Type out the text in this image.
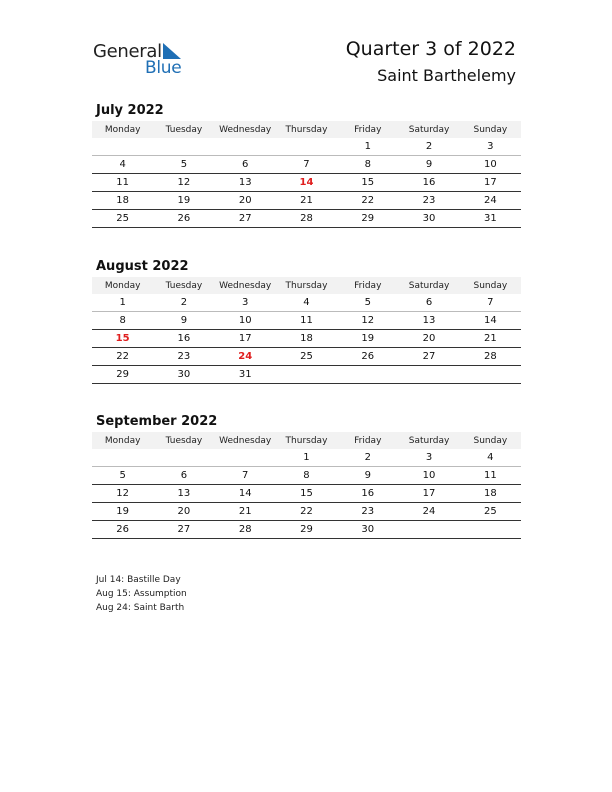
General
Blue
Quarter 3 of 2022
Saint Barthelemy
July 2022
Monday	Tuesday	Wednesday	Thursday	Friday	Saturday	Sunday
				1	2	3
4	5	6	7	8	9	10
11	12	13	14	15	16	17
18	19	20	21	22	23	24
25	26	27	28	29	30	31
August 2022
Monday	Tuesday	Wednesday	Thursday	Friday	Saturday	Sunday
1	2	3	4	5	6	7
8	9	10	11	12	13	14
15	16	17	18	19	20	21
22	23	24	25	26	27	28
29	30	31				
September 2022
Monday	Tuesday	Wednesday	Thursday	Friday	Saturday	Sunday
			1	2	3	4
5	6	7	8	9	10	11
12	13	14	15	16	17	18
19	20	21	22	23	24	25
26	27	28	29	30		
Jul 14: Bastille Day
Aug 15: Assumption
Aug 24: Saint Barth
